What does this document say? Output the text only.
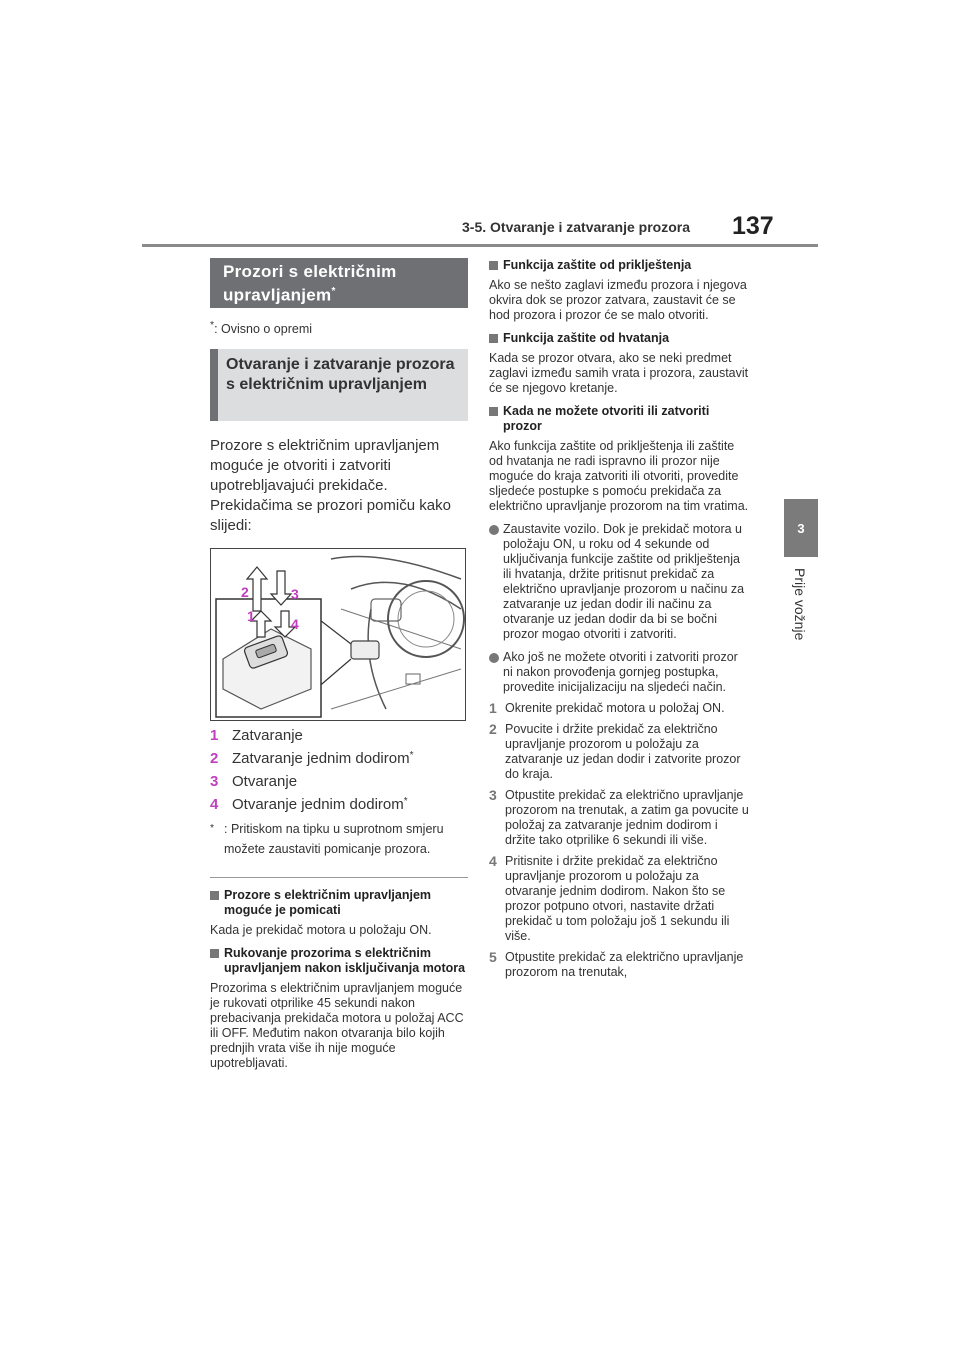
3-5. Otvaranje i zatvaranje prozora 137
3
Prije vožnje
Prozori s električnim upravljanjem*

*: Ovisno o opremi

Otvaranje i zatvaranje prozora s električnim upravljanjem

Prozore s električnim upravljanjem moguće je otvoriti i zatvoriti upotrebljavajući prekidače. Prekidačima se prozori pomiču kako slijedi:

1
2	3
4
1 Zatvaranje
2 Zatvaranje jednim dodirom *
3 Otvaranje
4 Otvaranje jednim dodirom *
* : Pritiskom na tipku u suprotnom smjeru možete zaustaviti pomicanje prozora.
Prozore s električnim upravljanjem moguće je pomicati

Kada je prekidač motora u položaju ON.

Rukovanje prozorima s električnim upravljanjem nakon isključivanja motora

Prozorima s električnim upravljanjem moguće je rukovati otprilike 45 sekundi nakon prebacivanja prekidača motora u položaj ACC ili OFF. Međutim nakon otvaranja bilo kojih prednjih vrata više ih nije moguće upotrebljavati.

Funkcija zaštite od priklještenja

Ako se nešto zaglavi između prozora i njegova okvira dok se prozor zatvara, zaustavit će se hod prozora i prozor će se malo otvoriti.

Funkcija zaštite od hvatanja

Kada se prozor otvara, ako se neki predmet zaglavi između samih vrata i prozora, zaustavit će se njegovo kretanje.

Kada ne možete otvoriti ili zatvoriti prozor

Ako funkcija zaštite od priklještenja ili zaštite od hvatanja ne radi ispravno ili prozor nije moguće do kraja zatvoriti ili otvoriti, provedite sljedeće postupke s pomoću prekidača za električno upravljanje prozorom na tim vratima.

Zaustavite vozilo. Dok je prekidač motora u položaju ON, u roku od 4 sekunde od uključivanja funkcije zaštite od priklještenja ili hvatanja, držite pritisnut prekidač za električno upravljanje prozorom u načinu za zatvaranje uz jedan dodir ili načinu za otvaranje uz jedan dodir da bi se bočni prozor mogao otvoriti i zatvoriti.
Ako još ne možete otvoriti i zatvoriti prozor ni nakon provođenja gornjeg postupka, provedite inicijalizaciju na sljedeći način.
1 Okrenite prekidač motora u položaj ON.
2 Povucite i držite prekidač za električno upravljanje prozorom u položaju za zatvaranje uz jedan dodir i zatvorite prozor do kraja.
3 Otpustite prekidač za električno upravljanje prozorom na trenutak, a zatim ga povucite u položaj za zatvaranje jednim dodirom i držite tako otprilike 6 sekundi ili više.
4 Pritisnite i držite prekidač za električno upravljanje prozorom u položaju za otvaranje jednim dodirom. Nakon što se prozor potpuno otvori, nastavite držati prekidač u tom položaju još 1 sekundu ili više.
5 Otpustite prekidač za električno upravljanje prozorom na trenutak,
